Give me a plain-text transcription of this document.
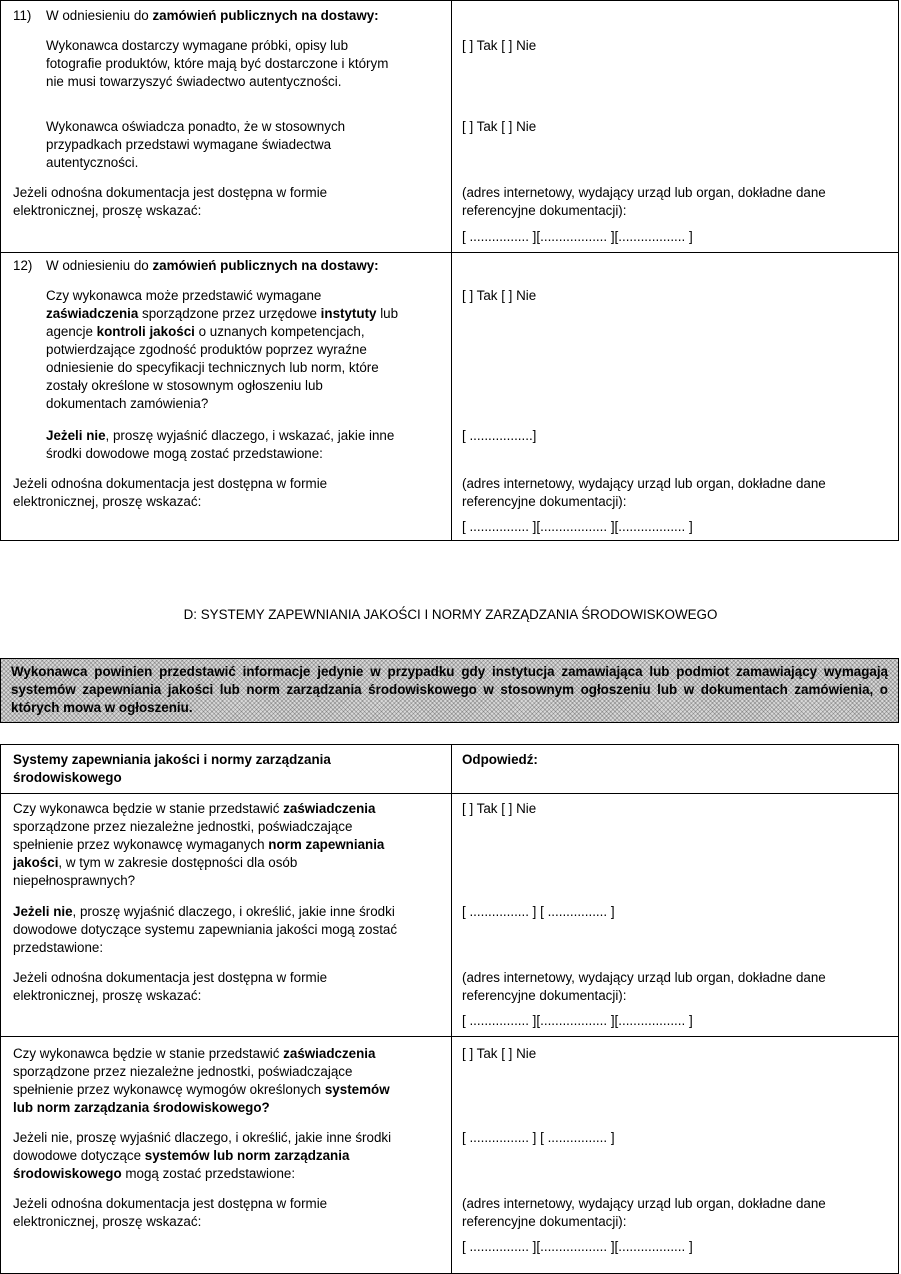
11) W odniesieniu do zamówień publicznych na dostawy:

Wykonawca dostarczy wymagane próbki, opisy lub
fotografie produktów, które mają być dostarczone i którym
nie musi towarzyszyć świadectwo autentyczności.

[ ] Tak [ ] Nie

Wykonawca oświadcza ponadto, że w stosownych
przypadkach przedstawi wymagane świadectwa
autentyczności.

[ ] Tak [ ] Nie

Jeżeli odnośna dokumentacja jest dostępna w formie
elektronicznej, proszę wskazać:

(adres internetowy, wydający urząd lub organ, dokładne dane
referencyjne dokumentacji):

[ ................ ][.................. ][.................. ]

12) W odniesieniu do zamówień publicznych na dostawy:

Czy wykonawca może przedstawić wymagane
zaświadczenia sporządzone przez urzędowe instytuty lub
agencje kontroli jakości o uznanych kompetencjach,
potwierdzające zgodność produktów poprzez wyraźne
odniesienie do specyfikacji technicznych lub norm, które
zostały określone w stosownym ogłoszeniu lub
dokumentach zamówienia?

[ ] Tak [ ] Nie

Jeżeli nie, proszę wyjaśnić dlaczego, i wskazać, jakie inne
środki dowodowe mogą zostać przedstawione:

[ .................]

Jeżeli odnośna dokumentacja jest dostępna w formie
elektronicznej, proszę wskazać:

(adres internetowy, wydający urząd lub organ, dokładne dane
referencyjne dokumentacji):

[ ................ ][.................. ][.................. ]

D: SYSTEMY ZAPEWNIANIA JAKOŚCI I NORMY ZARZĄDZANIA ŚRODOWISKOWEGO

Wykonawca powinien przedstawić informacje jedynie w przypadku gdy instytucja zamawiająca lub podmiot zamawiający wymagają systemów zapewniania jakości lub norm zarządzania środowiskowego w stosownym ogłoszeniu lub w dokumentach zamówienia, o których mowa w ogłoszeniu.

Systemy zapewniania jakości i normy zarządzania
środowiskowego

Odpowiedź:

Czy wykonawca będzie w stanie przedstawić zaświadczenia
sporządzone przez niezależne jednostki, poświadczające
spełnienie przez wykonawcę wymaganych norm zapewniania
jakości, w tym w zakresie dostępności dla osób
niepełnosprawnych?

[ ] Tak [ ] Nie

Jeżeli nie, proszę wyjaśnić dlaczego, i określić, jakie inne środki
dowodowe dotyczące systemu zapewniania jakości mogą zostać
przedstawione:

[ ................ ] [ ................ ]

Jeżeli odnośna dokumentacja jest dostępna w formie
elektronicznej, proszę wskazać:

(adres internetowy, wydający urząd lub organ, dokładne dane
referencyjne dokumentacji):

[ ................ ][.................. ][.................. ]

Czy wykonawca będzie w stanie przedstawić zaświadczenia
sporządzone przez niezależne jednostki, poświadczające
spełnienie przez wykonawcę wymogów określonych systemów
lub norm zarządzania środowiskowego?

[ ] Tak [ ] Nie

Jeżeli nie, proszę wyjaśnić dlaczego, i określić, jakie inne środki
dowodowe dotyczące systemów lub norm zarządzania
środowiskowego mogą zostać przedstawione:

[ ................ ] [ ................ ]

Jeżeli odnośna dokumentacja jest dostępna w formie
elektronicznej, proszę wskazać:

(adres internetowy, wydający urząd lub organ, dokładne dane
referencyjne dokumentacji):

[ ................ ][.................. ][.................. ]
